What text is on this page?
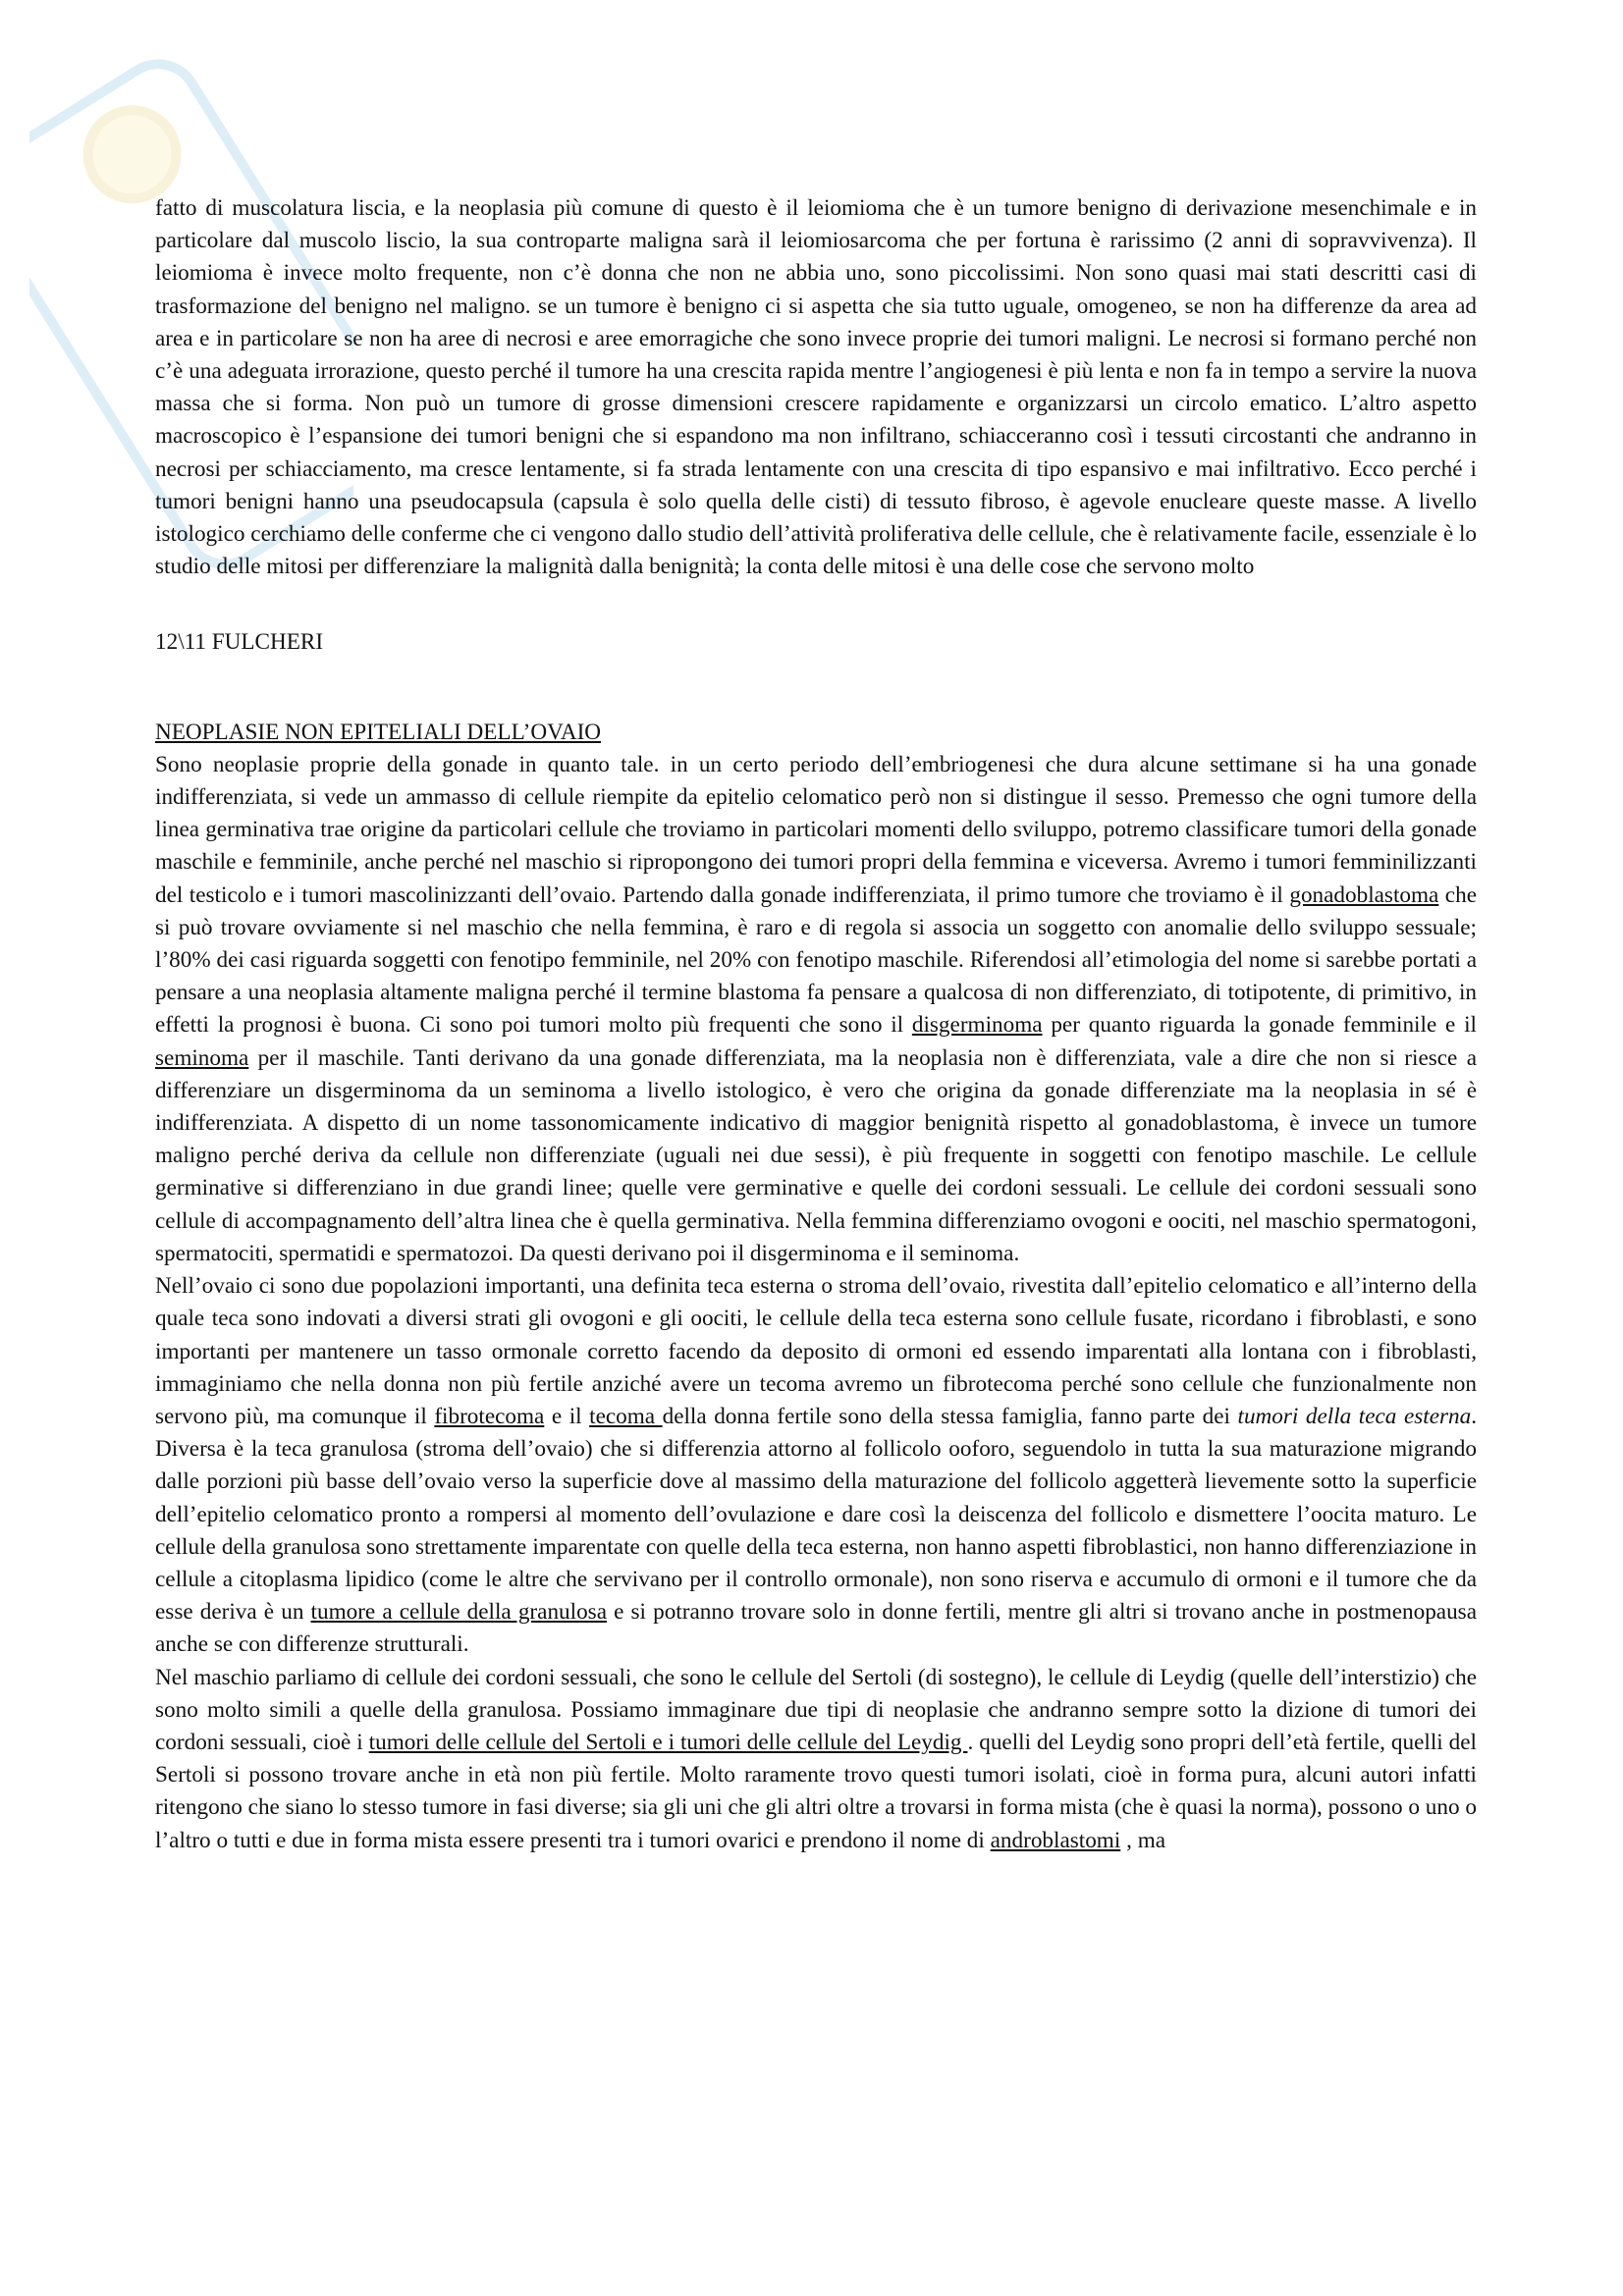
fatto di muscolatura liscia, e la neoplasia più comune di questo è il leiomioma che è un tumore benigno di derivazione mesenchimale e in particolare dal muscolo liscio, la sua controparte maligna sarà il leiomiosarcoma che per fortuna è rarissimo (2 anni di sopravvivenza). Il leiomioma è invece molto frequente, non c’è donna che non ne abbia uno, sono piccolissimi. Non sono quasi mai stati descritti casi di trasformazione del benigno nel maligno. se un tumore è benigno ci si aspetta che sia tutto uguale, omogeneo, se non ha differenze da area ad area e in particolare se non ha aree di necrosi e aree emorragiche che sono invece proprie dei tumori maligni. Le necrosi si formano perché non c’è una adeguata irrorazione, questo perché il tumore ha una crescita rapida mentre l’angiogenesi è più lenta e non fa in tempo a servire la nuova massa che si forma. Non può un tumore di grosse dimensioni crescere rapidamente e organizzarsi un circolo ematico. L’altro aspetto macroscopico è l’espansione dei tumori benigni che si espandono ma non infiltrano, schiacceranno così i tessuti circostanti che andranno in necrosi per schiacciamento, ma cresce lentamente, si fa strada lentamente con una crescita di tipo espansivo e mai infiltrativo. Ecco perché i tumori benigni hanno una pseudocapsula (capsula è solo quella delle cisti) di tessuto fibroso, è agevole enucleare queste masse. A livello istologico cerchiamo delle conferme che ci vengono dallo studio dell’attività proliferativa delle cellule, che è relativamente facile, essenziale è lo studio delle mitosi per differenziare la malignità dalla benignità; la conta delle mitosi è una delle cose che servono molto

12\11 FULCHERI

NEOPLASIE NON EPITELIALI DELL’OVAIO

Sono neoplasie proprie della gonade in quanto tale. in un certo periodo dell’embriogenesi che dura alcune settimane si ha una gonade indifferenziata, si vede un ammasso di cellule riempite da epitelio celomatico però non si distingue il sesso. Premesso che ogni tumore della linea germinativa trae origine da particolari cellule che troviamo in particolari momenti dello sviluppo, potremo classificare tumori della gonade maschile e femminile, anche perché nel maschio si ripropongono dei tumori propri della femmina e viceversa. Avremo i tumori femminilizzanti del testicolo e i tumori mascolinizzanti dell’ovaio. Partendo dalla gonade indifferenziata, il primo tumore che troviamo è il gonadoblastoma che si può trovare ovviamente si nel maschio che nella femmina, è raro e di regola si associa un soggetto con anomalie dello sviluppo sessuale; l’80% dei casi riguarda soggetti con fenotipo femminile, nel 20% con fenotipo maschile. Riferendosi all’etimologia del nome si sarebbe portati a pensare a una neoplasia altamente maligna perché il termine blastoma fa pensare a qualcosa di non differenziato, di totipotente, di primitivo, in effetti la prognosi è buona. Ci sono poi tumori molto più frequenti che sono il disgerminoma per quanto riguarda la gonade femminile e il seminoma per il maschile. Tanti derivano da una gonade differenziata, ma la neoplasia non è differenziata, vale a dire che non si riesce a differenziare un disgerminoma da un seminoma a livello istologico, è vero che origina da gonade differenziate ma la neoplasia in sé è indifferenziata. A dispetto di un nome tassonomicamente indicativo di maggior benignità rispetto al gonadoblastoma, è invece un tumore maligno perché deriva da cellule non differenziate (uguali nei due sessi), è più frequente in soggetti con fenotipo maschile. Le cellule germinative si differenziano in due grandi linee; quelle vere germinative e quelle dei cordoni sessuali. Le cellule dei cordoni sessuali sono cellule di accompagnamento dell’altra linea che è quella germinativa. Nella femmina differenziamo ovogoni e oociti, nel maschio spermatogoni, spermatociti, spermatidi e spermatozoi. Da questi derivano poi il disgerminoma e il seminoma.

Nell’ovaio ci sono due popolazioni importanti, una definita teca esterna o stroma dell’ovaio, rivestita dall’epitelio celomatico e all’interno della quale teca sono indovati a diversi strati gli ovogoni e gli oociti, le cellule della teca esterna sono cellule fusate, ricordano i fibroblasti, e sono importanti per mantenere un tasso ormonale corretto facendo da deposito di ormoni ed essendo imparentati alla lontana con i fibroblasti, immaginiamo che nella donna non più fertile anziché avere un tecoma avremo un fibrotecoma perché sono cellule che funzionalmente non servono più, ma comunque il fibrotecoma e il tecoma della donna fertile sono della stessa famiglia, fanno parte dei tumori della teca esterna. Diversa è la teca granulosa (stroma dell’ovaio) che si differenzia attorno al follicolo ooforo, seguendolo in tutta la sua maturazione migrando dalle porzioni più basse dell’ovaio verso la superficie dove al massimo della maturazione del follicolo aggetterà lievemente sotto la superficie dell’epitelio celomatico pronto a rompersi al momento dell’ovulazione e dare così la deiscenza del follicolo e dismettere l’oocita maturo. Le cellule della granulosa sono strettamente imparentate con quelle della teca esterna, non hanno aspetti fibroblastici, non hanno differenziazione in cellule a citoplasma lipidico (come le altre che servivano per il controllo ormonale), non sono riserva e accumulo di ormoni e il tumore che da esse deriva è un tumore a cellule della granulosa e si potranno trovare solo in donne fertili, mentre gli altri si trovano anche in postmenopausa anche se con differenze strutturali.

Nel maschio parliamo di cellule dei cordoni sessuali, che sono le cellule del Sertoli (di sostegno), le cellule di Leydig (quelle dell’interstizio) che sono molto simili a quelle della granulosa. Possiamo immaginare due tipi di neoplasie che andranno sempre sotto la dizione di tumori dei cordoni sessuali, cioè i tumori delle cellule del Sertoli e i tumori delle cellule del Leydig . quelli del Leydig sono propri dell’età fertile, quelli del Sertoli si possono trovare anche in età non più fertile. Molto raramente trovo questi tumori isolati, cioè in forma pura, alcuni autori infatti ritengono che siano lo stesso tumore in fasi diverse; sia gli uni che gli altri oltre a trovarsi in forma mista (che è quasi la norma), possono o uno o l’altro o tutti e due in forma mista essere presenti tra i tumori ovarici e prendono il nome di androblastomi , ma
